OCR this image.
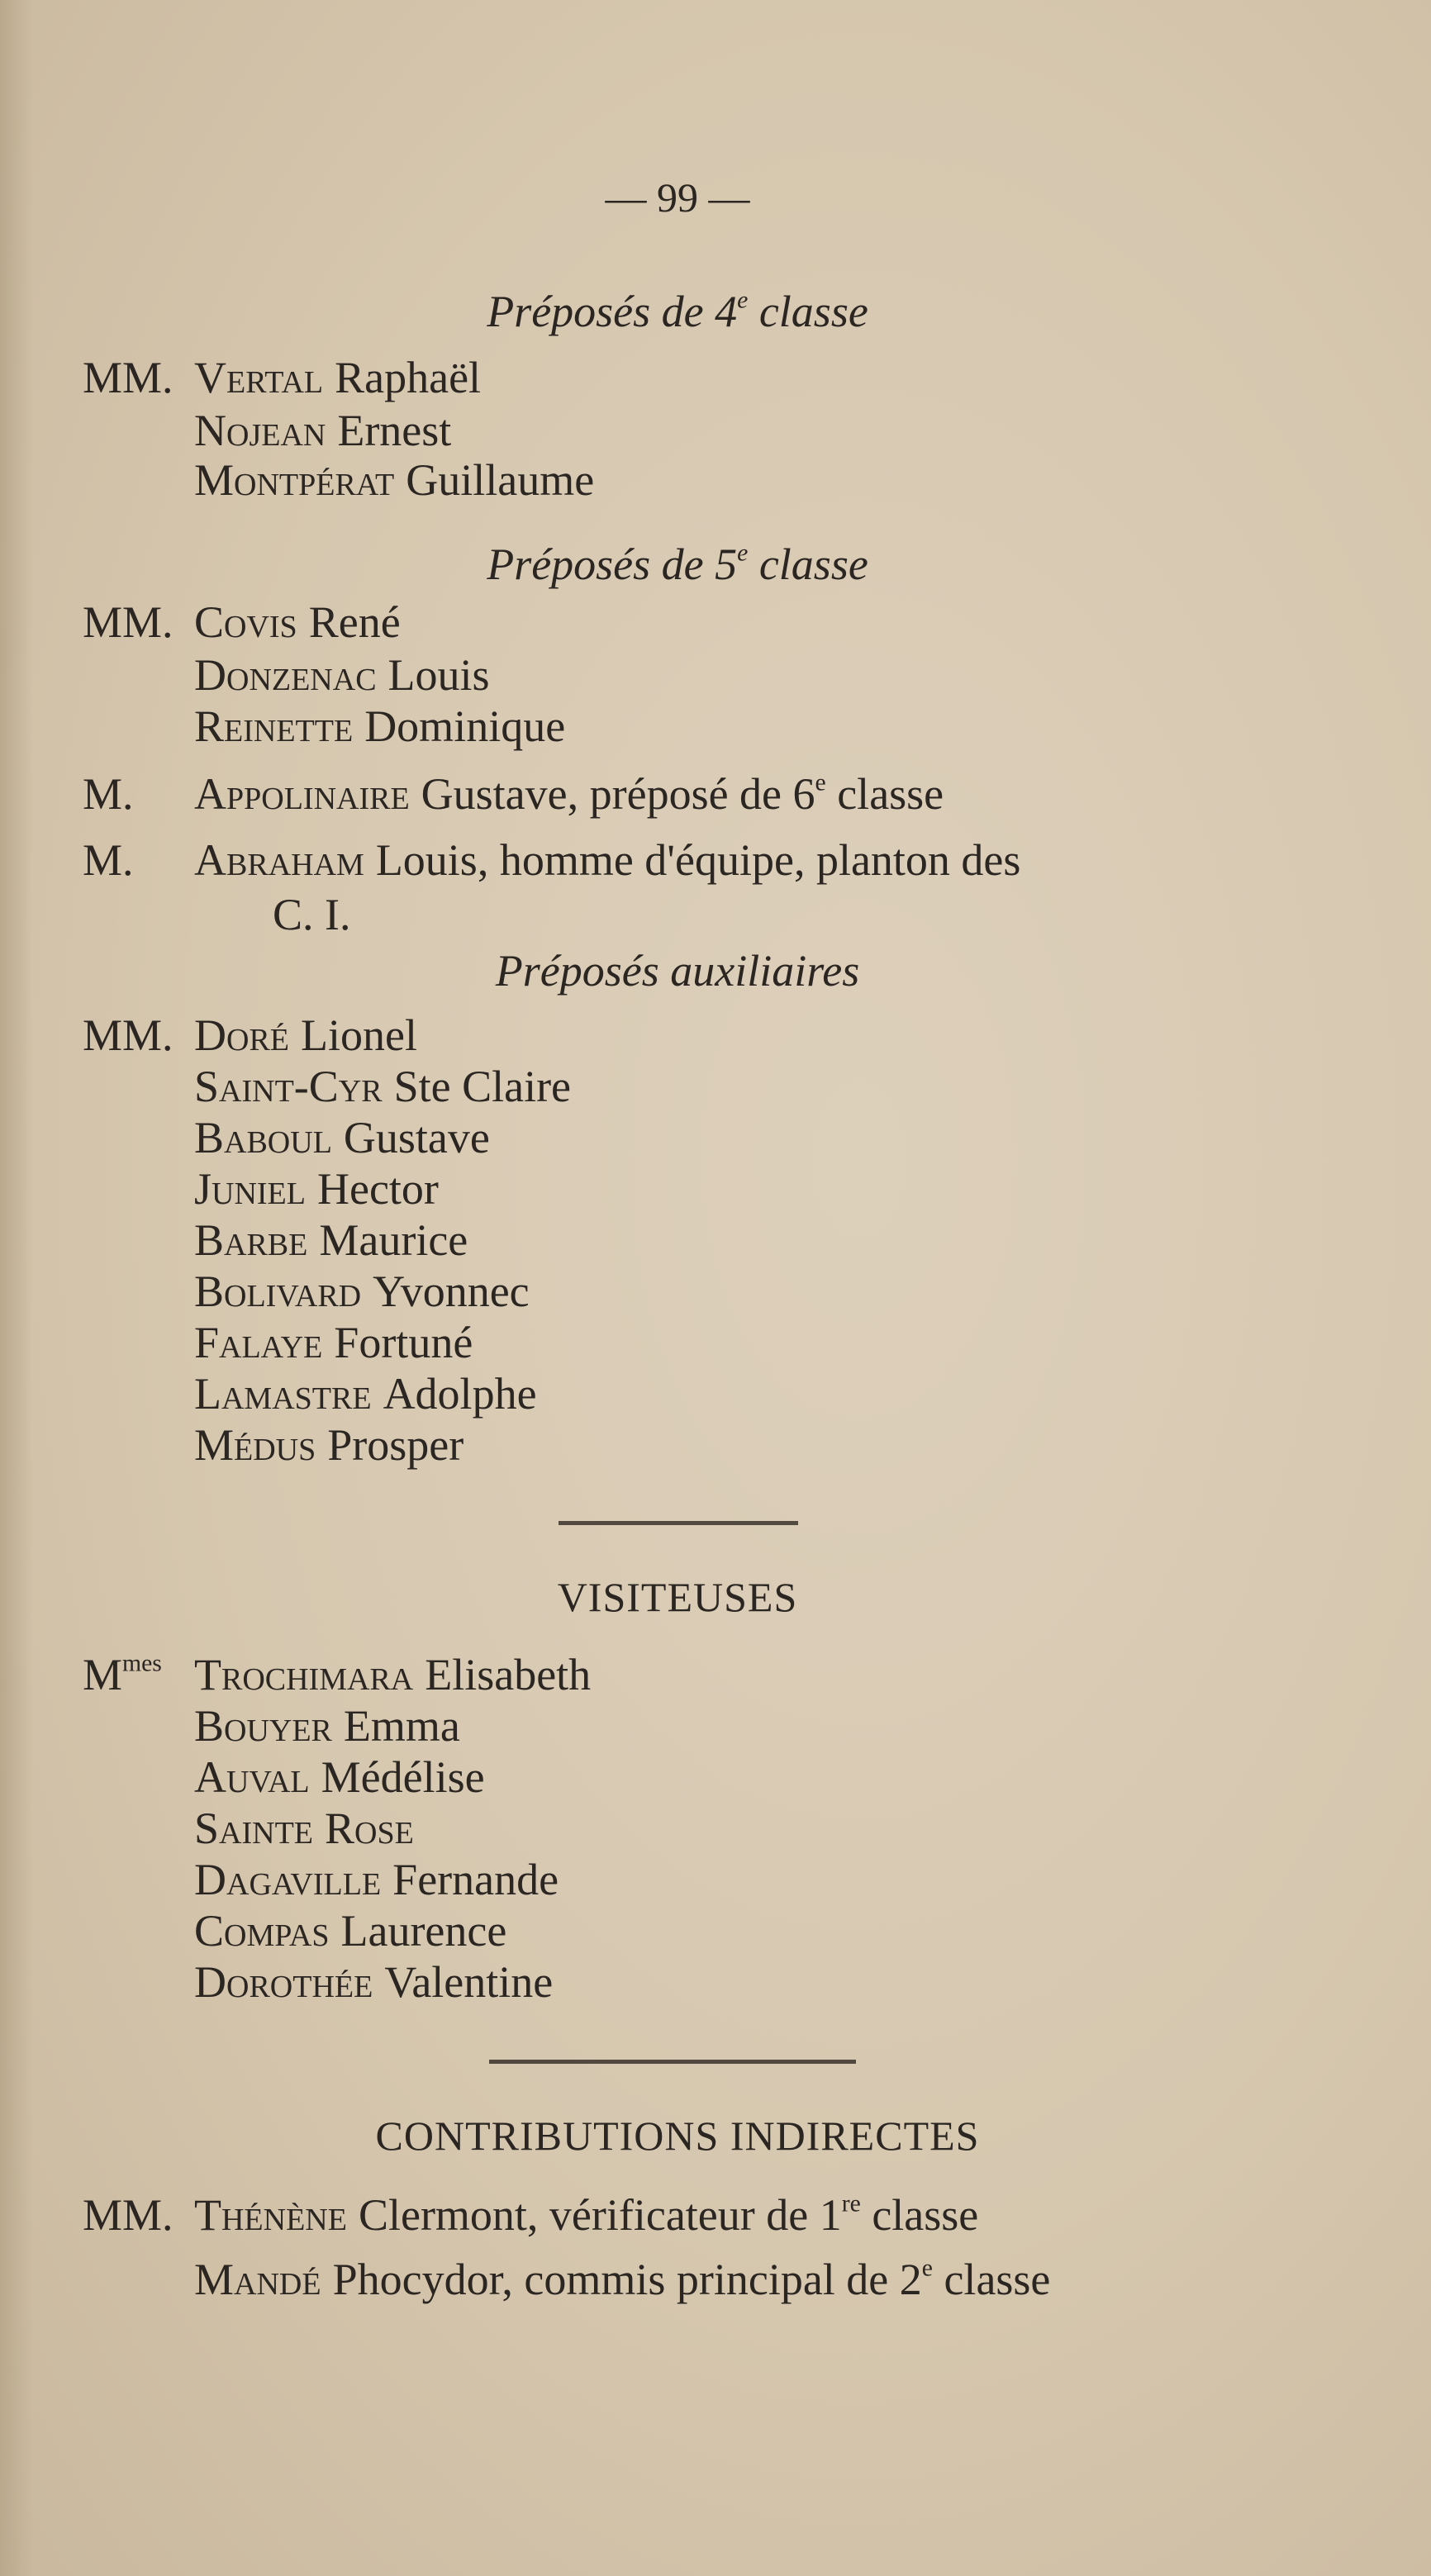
— 99 —
Préposés de 4e classe
MM. Vertal Raphaël
Nojean Ernest
Montpérat Guillaume
Préposés de 5e classe
MM. Covis René
Donzenac Louis
Reinette Dominique
M. Appolinaire Gustave, préposé de 6e classe
M. Abraham Louis, homme d'équipe, planton des
C. I.
Préposés auxiliaires
MM. Doré Lionel
Saint-Cyr Ste Claire
Baboul Gustave
Juniel Hector
Barbe Maurice
Bolivard Yvonnec
Falaye Fortuné
Lamastre Adolphe
Médus Prosper
VISITEUSES
$M^{mes}$ Trochimara Elisabeth
Bouyer Emma
Auval Médélise
Sainte Rose
Dagaville Fernande
Compas Laurence
Dorothée Valentine
CONTRIBUTIONS INDIRECTES
MM. Thénène Clermont, vérificateur de 1re classe
Mandé Phocydor, commis principal de 2e classe
